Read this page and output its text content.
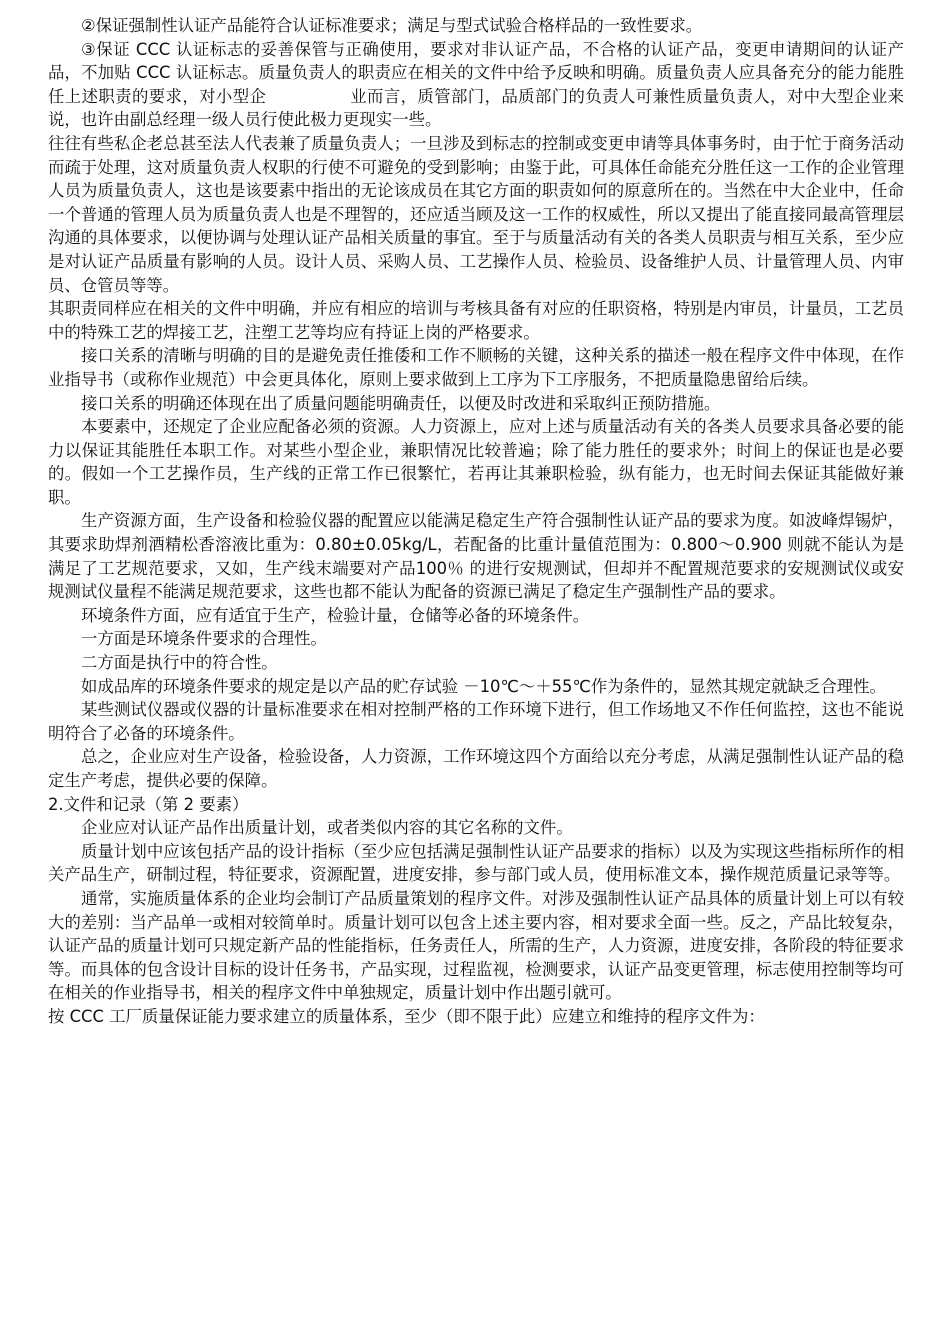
②保证强制性认证产品能符合认证标准要求；满足与型式试验合格样品的一致性要求。

③保证 CCC 认证标志的妥善保管与正确使用，要求对非认证产品，不合格的认证产品，变更申请期间的认证产品，不加贴 CCC 认证标志。质量负责人的职责应在相关的文件中给予反映和明确。质量负责人应具备充分的能力能胜任上述职责的要求，对小型企　　　　　业而言，质管部门，品质部门的负责人可兼性质量负责人，对中大型企业来说，也许由副总经理一级人员行使此极力更现实一些。

往往有些私企老总甚至法人代表兼了质量负责人；一旦涉及到标志的控制或变更申请等具体事务时，由于忙于商务活动而疏于处理，这对质量负责人权职的行使不可避免的受到影响；由鉴于此，可具体任命能充分胜任这一工作的企业管理人员为质量负责人，这也是该要素中指出的无论该成员在其它方面的职责如何的原意所在的。当然在中大企业中，任命一个普通的管理人员为质量负责人也是不理智的，还应适当顾及这一工作的权威性，所以又提出了能直接同最高管理层沟通的具体要求，以便协调与处理认证产品相关质量的事宜。至于与质量活动有关的各类人员职责与相互关系，至少应是对认证产品质量有影响的人员。设计人员、采购人员、工艺操作人员、检验员、设备维护人员、计量管理人员、内审员、仓管员等等。

其职责同样应在相关的文件中明确，并应有相应的培训与考核具备有对应的任职资格，特别是内审员，计量员，工艺员中的特殊工艺的焊接工艺，注塑工艺等均应有持证上岗的严格要求。

接口关系的清晰与明确的目的是避免责任推倭和工作不顺畅的关键，这种关系的描述一般在程序文件中体现，在作业指导书（或称作业规范）中会更具体化，原则上要求做到上工序为下工序服务，不把质量隐患留给后续。

接口关系的明确还体现在出了质量问题能明确责任，以便及时改进和采取纠正预防措施。

本要素中，还规定了企业应配备必须的资源。人力资源上，应对上述与质量活动有关的各类人员要求具备必要的能力以保证其能胜任本职工作。对某些小型企业，兼职情况比较普遍；除了能力胜任的要求外；时间上的保证也是必要的。假如一个工艺操作员，生产线的正常工作已很繁忙，若再让其兼职检验，纵有能力，也无时间去保证其能做好兼职。

生产资源方面，生产设备和检验仪器的配置应以能满足稳定生产符合强制性认证产品的要求为度。如波峰焊锡炉，其要求助焊剂酒精松香溶液比重为：0.80±0.05kg/L，若配备的比重计量值范围为：0.800～0.900 则就不能认为是满足了工艺规范要求，又如，生产线末端要对产品100％ 的进行安规测试，但却并不配置规范要求的安规测试仪或安规测试仪量程不能满足规范要求，这些也都不能认为配备的资源已满足了稳定生产强制性产品的要求。

环境条件方面，应有适宜于生产，检验计量，仓储等必备的环境条件。

一方面是环境条件要求的合理性。

二方面是执行中的符合性。

如成品库的环境条件要求的规定是以产品的贮存试验 －10℃～＋55℃作为条件的，显然其规定就缺乏合理性。

某些测试仪器或仪器的计量标准要求在相对控制严格的工作环境下进行，但工作场地又不作任何监控，这也不能说明符合了必备的环境条件。

总之，企业应对生产设备，检验设备，人力资源，工作环境这四个方面给以充分考虑，从满足强制性认证产品的稳定生产考虑，提供必要的保障。

2.文件和记录（第 2 要素）

企业应对认证产品作出质量计划，或者类似内容的其它名称的文件。

质量计划中应该包括产品的设计指标（至少应包括满足强制性认证产品要求的指标）以及为实现这些指标所作的相关产品生产，研制过程，特征要求，资源配置，进度安排，参与部门或人员，使用标准文本，操作规范质量记录等等。

通常，实施质量体系的企业均会制订产品质量策划的程序文件。对涉及强制性认证产品具体的质量计划上可以有较大的差别：当产品单一或相对较简单时。质量计划可以包含上述主要内容，相对要求全面一些。反之，产品比较复杂，认证产品的质量计划可只规定新产品的性能指标，任务责任人，所需的生产，人力资源，进度安排，各阶段的特征要求等。而具体的包含设计目标的设计任务书，产品实现，过程监视，检测要求，认证产品变更管理，标志使用控制等均可在相关的作业指导书，相关的程序文件中单独规定，质量计划中作出题引就可。

按 CCC 工厂质量保证能力要求建立的质量体系，至少（即不限于此）应建立和维持的程序文件为：
